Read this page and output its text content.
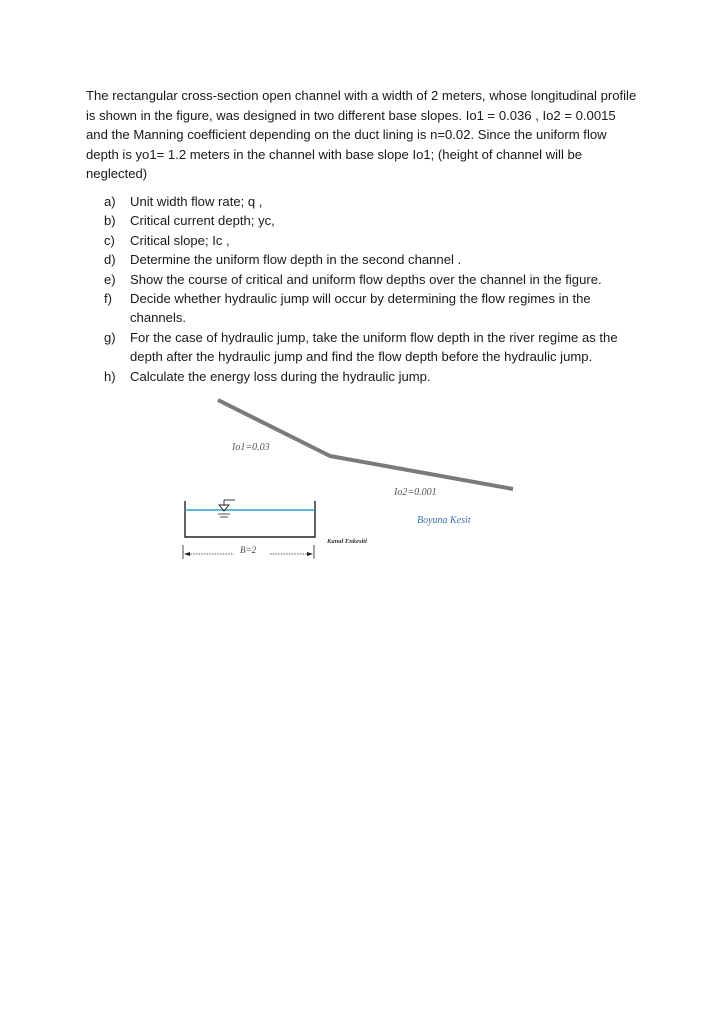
The rectangular cross-section open channel with a width of 2 meters, whose longitudinal profile is shown in the figure, was designed in two different base slopes. Io1 = 0.036 , Io2 = 0.0015 and the Manning coefficient depending on the duct lining is n=0.02. Since the uniform flow depth is yo1= 1.2 meters in the channel with base slope Io1; (height of channel will be neglected)

a) Unit width flow rate; q ,
b) Critical current depth; yc,
c) Critical slope; Ic ,
d) Determine the uniform flow depth in the second channel .
e) Show the course of critical and uniform flow depths over the channel in the figure.
f) Decide whether hydraulic jump will occur by determining the flow regimes in the channels.
g) For the case of hydraulic jump, take the uniform flow depth in the river regime as the depth after the hydraulic jump and find the flow depth before the hydraulic jump.
h) Calculate the energy loss during the hydraulic jump.
Io1=0.03
Io2=0.001
Boyuna Kesit
Kanal Enkesiti
B=2
